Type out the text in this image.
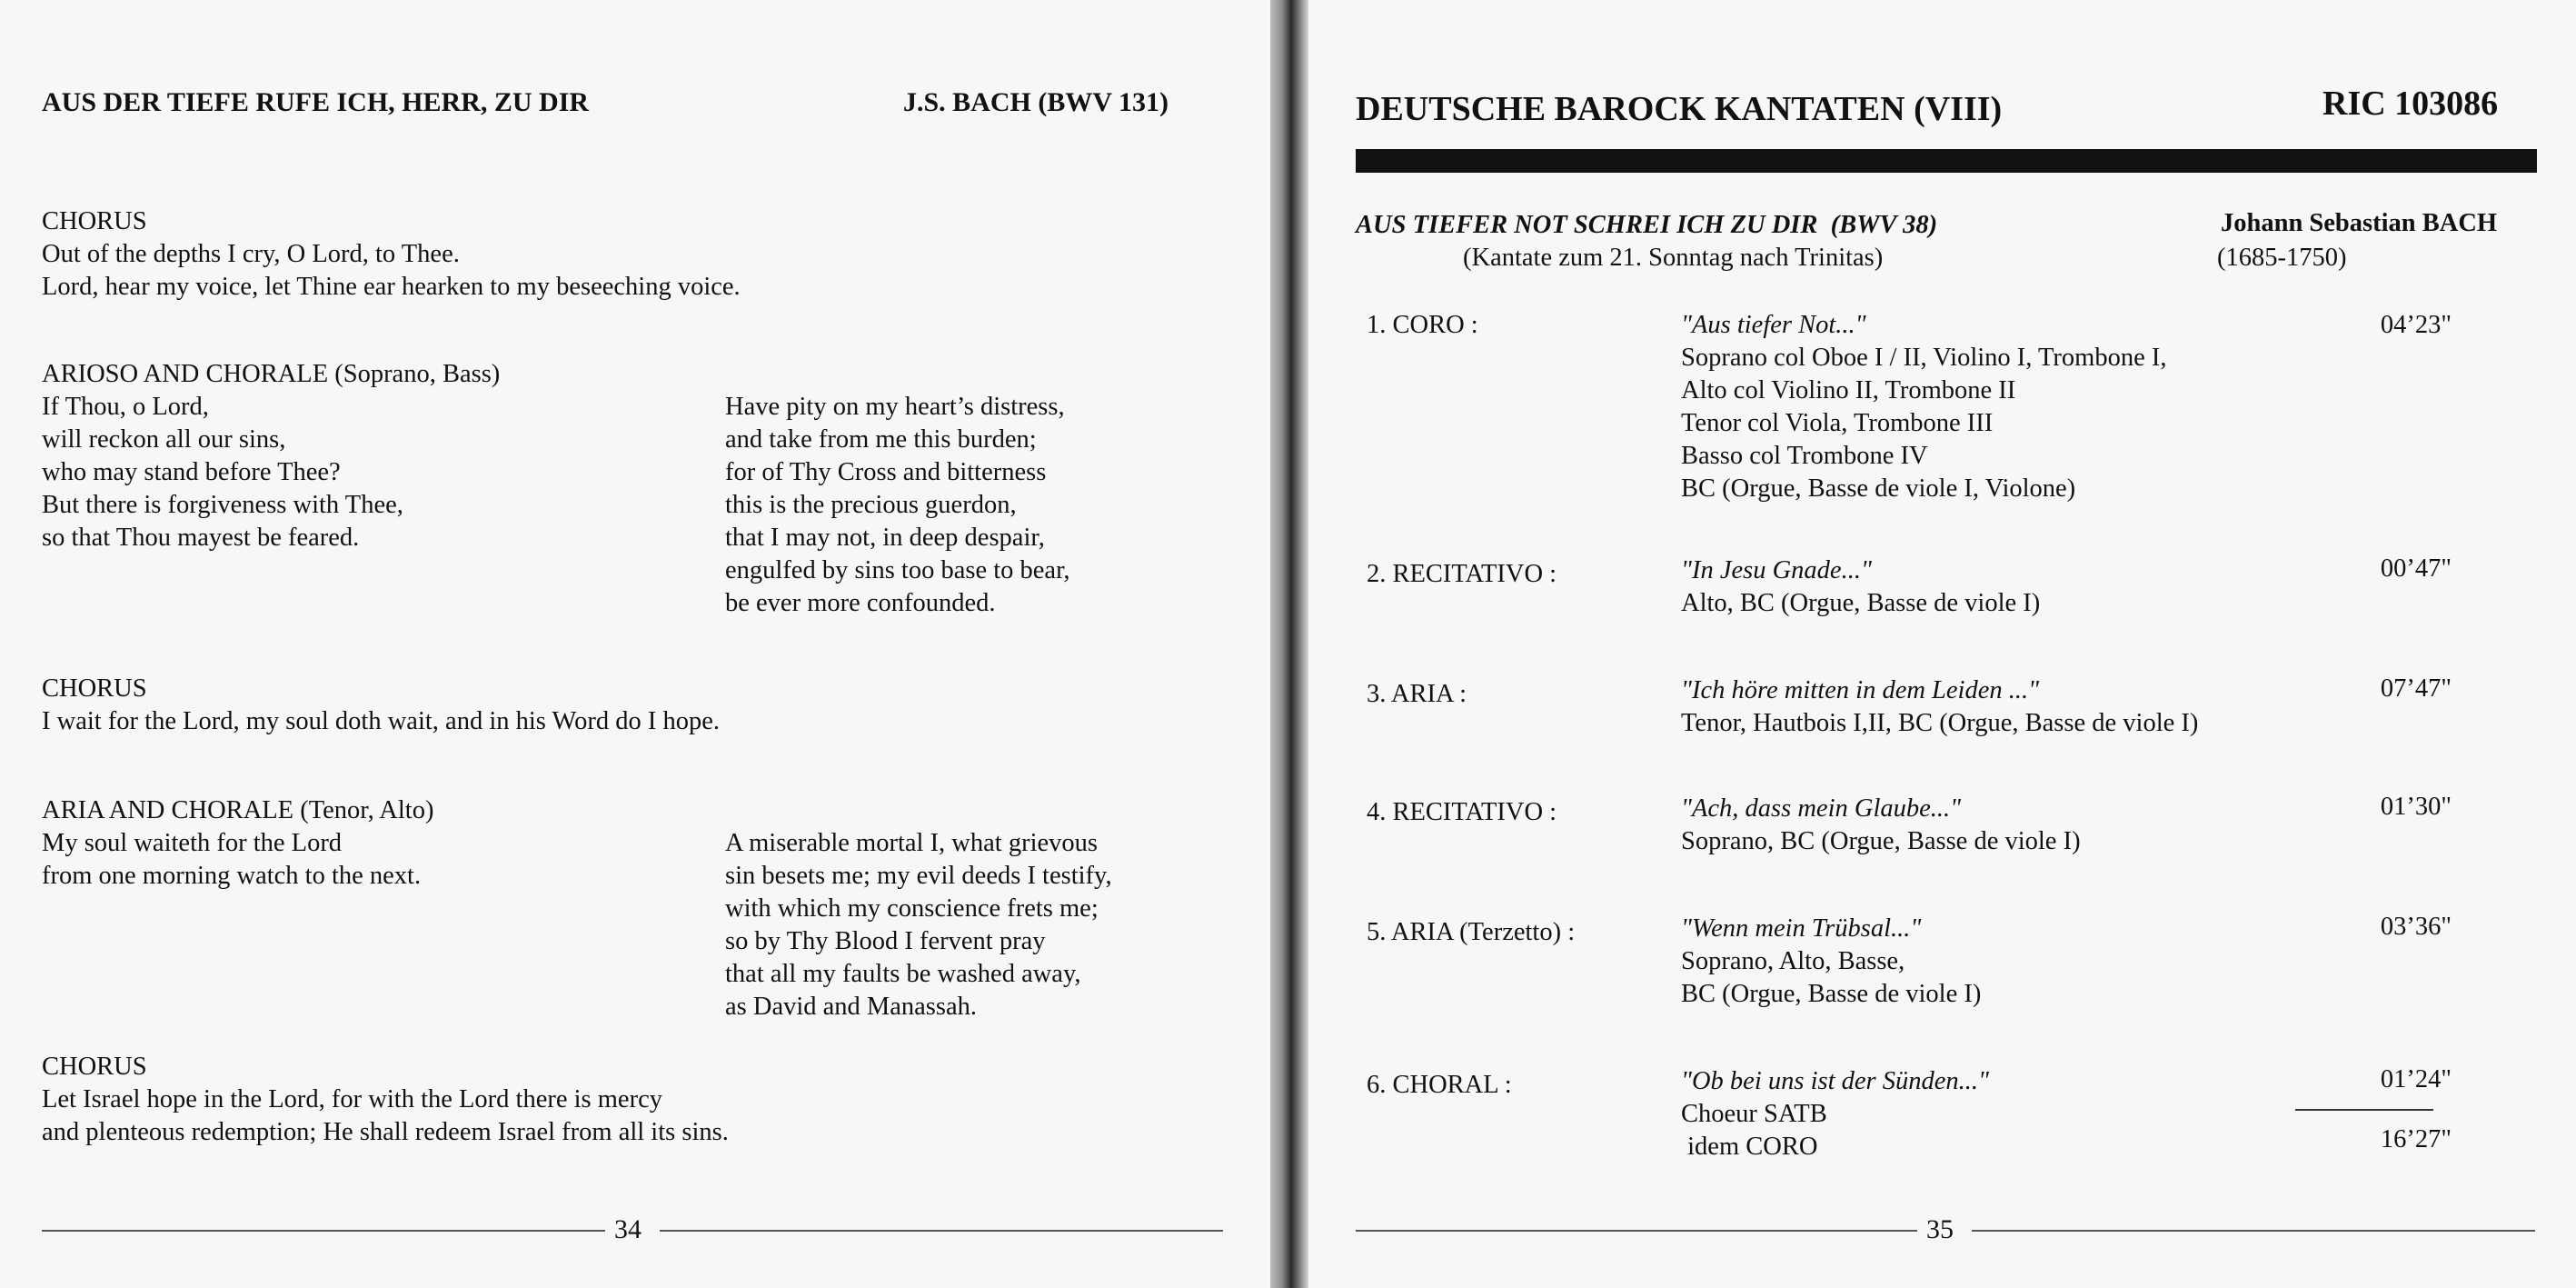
AUS DER TIEFE RUFE ICH, HERR, ZU DIR	J.S. BACH (BWV 131)
CHORUS
Out of the depths I cry, O Lord, to Thee.
Lord, hear my voice, let Thine ear hearken to my beseeching voice.
ARIOSO AND CHORALE (Soprano, Bass)
If Thou, o Lord,
will reckon all our sins,
who may stand before Thee?
But there is forgiveness with Thee,
so that Thou mayest be feared.
Have pity on my heart’s distress,
and take from me this burden;
for of Thy Cross and bitterness
this is the precious guerdon,
that I may not, in deep despair,
engulfed by sins too base to bear,
be ever more confounded.
CHORUS
I wait for the Lord, my soul doth wait, and in his Word do I hope.
ARIA AND CHORALE (Tenor, Alto)
My soul waiteth for the Lord
from one morning watch to the next.
A miserable mortal I, what grievous
sin besets me; my evil deeds I testify,
with which my conscience frets me;
so by Thy Blood I fervent pray
that all my faults be washed away,
as David and Manassah.
CHORUS
Let Israel hope in the Lord, for with the Lord there is mercy
and plenteous redemption; He shall redeem Israel from all its sins.
34
DEUTSCHE BAROCK KANTATEN (VIII)	RIC 103086
AUS TIEFER NOT SCHREI ICH ZU DIR (BWV 38)
(Kantate zum 21. Sonntag nach Trinitas)
Johann Sebastian BACH
(1685-1750)
1. CORO :	"Aus tiefer Not..."
Soprano col Oboe I / II, Violino I, Trombone I,
Alto col Violino II, Trombone II
Tenor col Viola, Trombone III
Basso col Trombone IV
BC (Orgue, Basse de viole I, Violone)
04’23"
2. RECITATIVO :	"In Jesu Gnade..."
Alto, BC (Orgue, Basse de viole I)
00’47"
3. ARIA :	"Ich höre mitten in dem Leiden ..."
Tenor, Hautbois I,II, BC (Orgue, Basse de viole I)
07’47"
4. RECITATIVO :	"Ach, dass mein Glaube..."
Soprano, BC (Orgue, Basse de viole I)
01’30"
5. ARIA (Terzetto) :	"Wenn mein Trübsal..."
Soprano, Alto, Basse,
BC (Orgue, Basse de viole I)
03’36"
6. CHORAL :	"Ob bei uns ist der Sünden..."
Choeur SATB
idem CORO
01’24"
16’27"
35
